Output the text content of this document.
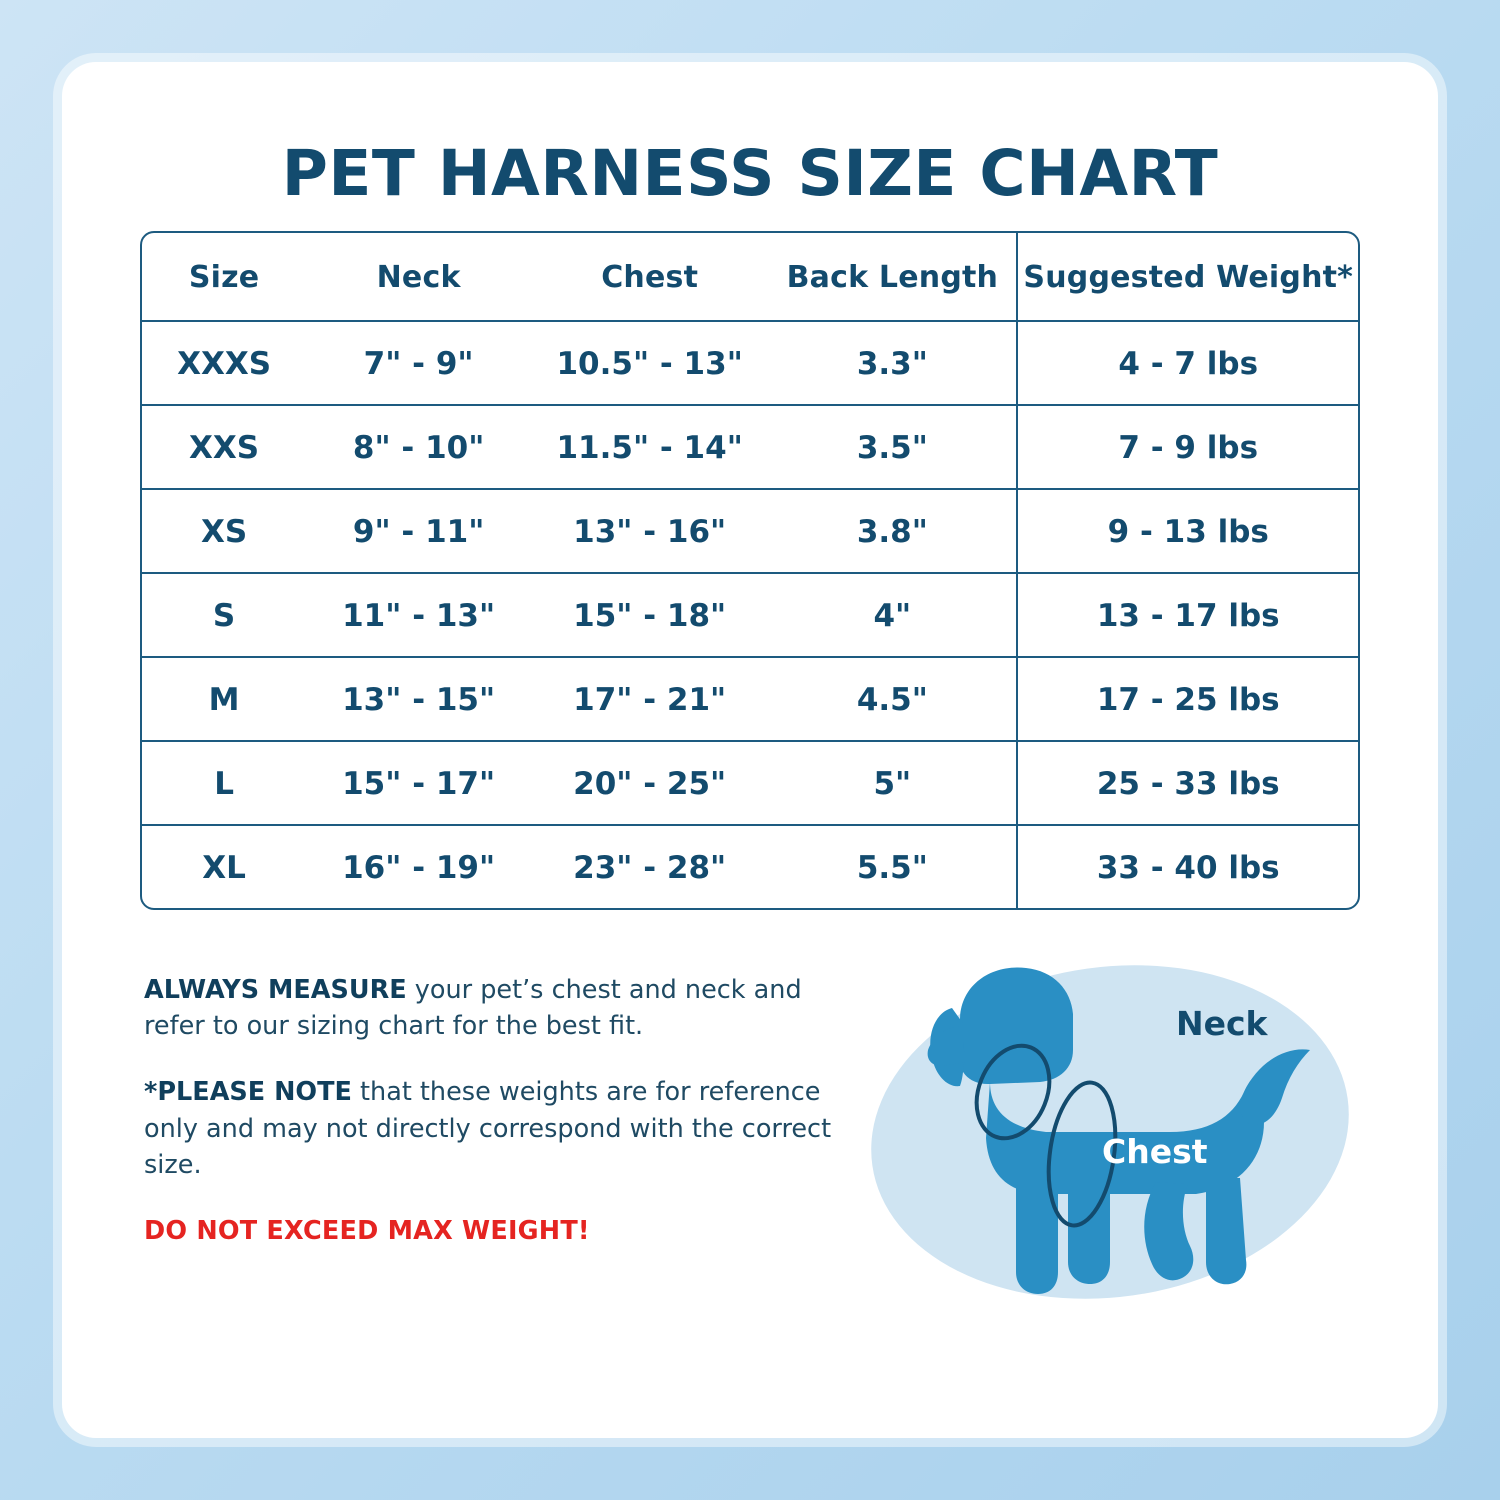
PET HARNESS SIZE CHART
Size	Neck	Chest	Back Length	Suggested Weight*
XXXS	7" - 9"	10.5" - 13"	3.3"	4 - 7 lbs
XXS	8" - 10"	11.5" - 14"	3.5"	7 - 9 lbs
XS	9" - 11"	13" - 16"	3.8"	9 - 13 lbs
S	11" - 13"	15" - 18"	4"	13 - 17 lbs
M	13" - 15"	17" - 21"	4.5"	17 - 25 lbs
L	15" - 17"	20" - 25"	5"	25 - 33 lbs
XL	16" - 19"	23" - 28"	5.5"	33 - 40 lbs
ALWAYS MEASURE your pet’s chest and neck and refer to our sizing chart for the best fit.
*PLEASE NOTE that these weights are for reference only and may not directly correspond with the correct size.
DO NOT EXCEED MAX WEIGHT!
Neck
Chest
